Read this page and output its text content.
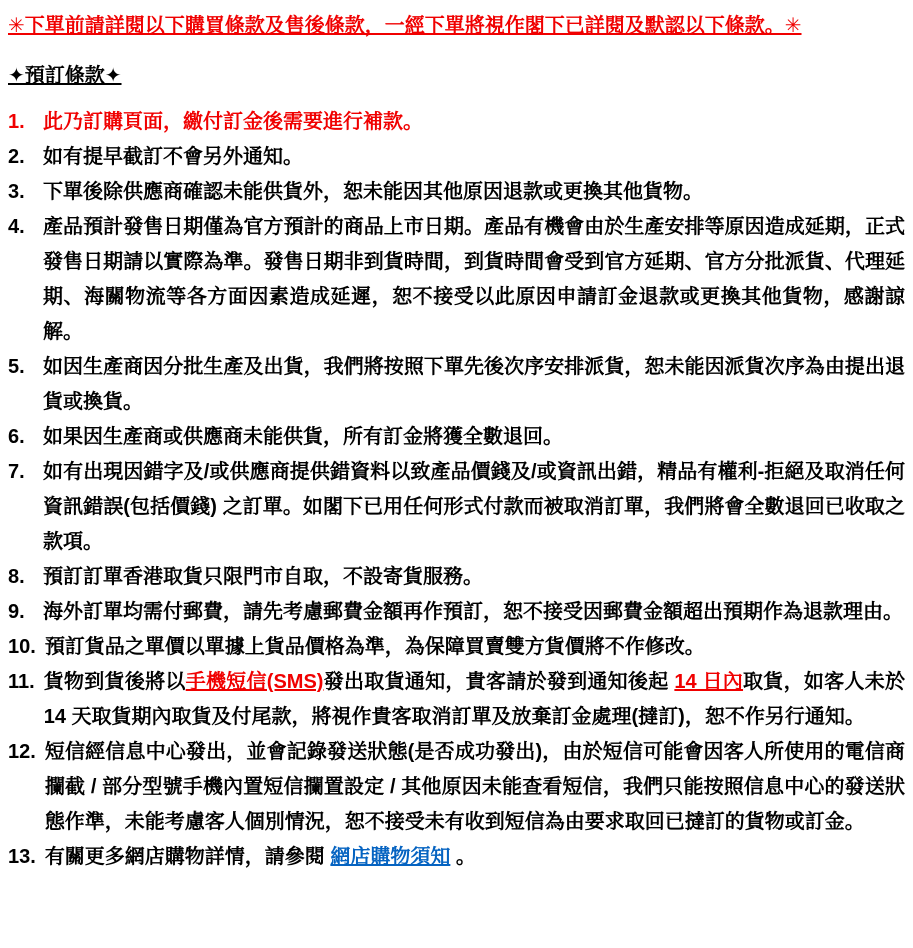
✳下單前請詳閱以下購買條款及售後條款，一經下單將視作閣下已詳閱及默認以下條款。✳
✦預訂條款✦
1. 此乃訂購頁面，繳付訂金後需要進行補款。
2. 如有提早截訂不會另外通知。
3. 下單後除供應商確認未能供貨外，恕未能因其他原因退款或更換其他貨物。
4. 產品預計發售日期僅為官方預計的商品上市日期。產品有機會由於生產安排等原因造成延期，正式發售日期請以實際為準。發售日期非到貨時間，到貨時間會受到官方延期、官方分批派貨、代理延期、海關物流等各方面因素造成延遲，恕不接受以此原因申請訂金退款或更換其他貨物，感謝諒解。
5. 如因生產商因分批生產及出貨，我們將按照下單先後次序安排派貨，恕未能因派貨次序為由提出退貨或換貨。
6. 如果因生產商或供應商未能供貨，所有訂金將獲全數退回。
7. 如有出現因錯字及/或供應商提供錯資料以致產品價錢及/或資訊出錯，精品有權利-拒絕及取消任何資訊錯誤(包括價錢) 之訂單。如閣下已用任何形式付款而被取消訂單，我們將會全數退回已收取之款項。
8. 預訂訂單香港取貨只限門市自取，不設寄貨服務。
9. 海外訂單均需付郵費，請先考慮郵費金額再作預訂，恕不接受因郵費金額超出預期作為退款理由。
10. 預訂貨品之單價以單據上貨品價格為準，為保障買賣雙方貨價將不作修改。
11. 貨物到貨後將以手機短信(SMS)發出取貨通知，貴客請於發到通知後起 14 日內取貨，如客人未於14 天取貨期內取貨及付尾款，將視作貴客取消訂單及放棄訂金處理(撻訂)，恕不作另行通知。
12. 短信經信息中心發出，並會記錄發送狀態(是否成功發出)，由於短信可能會因客人所使用的電信商攔截 / 部分型號手機內置短信攔置設定 / 其他原因未能查看短信，我們只能按照信息中心的發送狀態作準，未能考慮客人個別情況，恕不接受未有收到短信為由要求取回已撻訂的貨物或訂金。
13. 有關更多網店購物詳情，請參閱 網店購物須知 。
